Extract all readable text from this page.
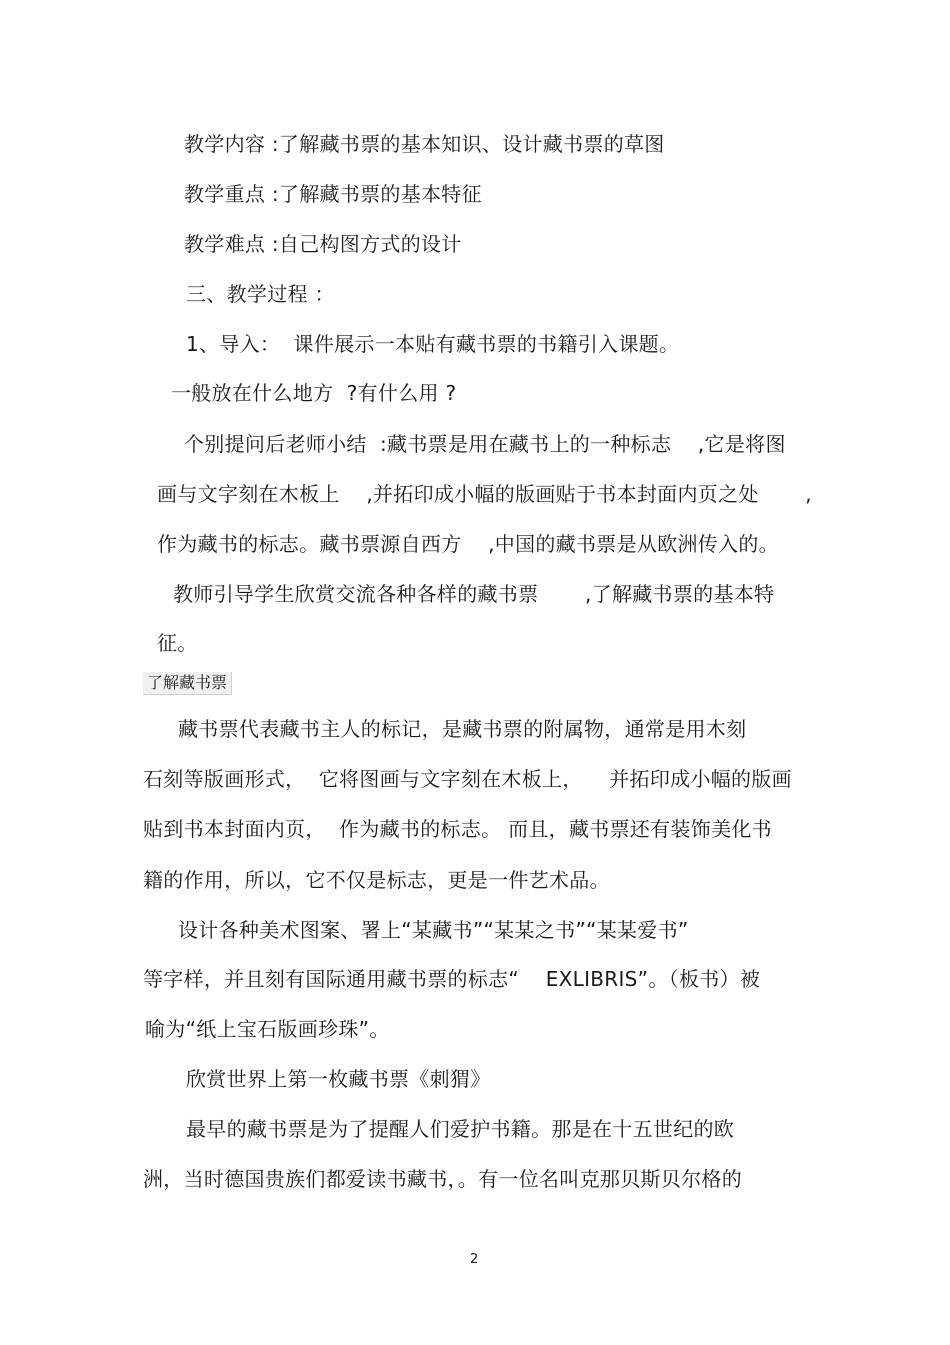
教学内容 :了解藏书票的基本知识、设计藏书票的草图
教学重点 :了解藏书票的基本特征
教学难点 :自己构图方式的设计
三、教学过程 ：
1、导入：  课件展示一本贴有藏书票的书籍引入课题。
一般放在什么地方  ?有什么用 ?
个别提问后老师小结  :藏书票是用在藏书上的一种标志    ,它是将图
画与文字刻在木板上    ,并拓印成小幅的版画贴于书本封面内页之处       ,
作为藏书的标志。藏书票源自西方    ,中国的藏书票是从欧洲传入的。
教师引导学生欣赏交流各种各样的藏书票       ,了解藏书票的基本特
征。
了解藏书票
藏书票代表藏书主人的标记，是藏书票的附属物，通常是用木刻
石刻等版画形式，  它将图画与文字刻在木板上，    并拓印成小幅的版画
贴到书本封面内页，  作为藏书的标志。 而且，藏书票还有装饰美化书
籍的作用，所以，它不仅是标志，更是一件艺术品。
设计各种美术图案、署上“某藏书”“某某之书”“某某爱书”
等字样，并且刻有国际通用藏书票的标志“    EXLIBRIS”。（板书）被
喻为“纸上宝石版画珍珠”。
欣赏世界上第一枚藏书票《刺猬》
最早的藏书票是为了提醒人们爱护书籍。那是在十五世纪的欧
洲，当时德国贵族们都爱读书藏书，。有一位名叫克那贝斯贝尔格的
2
